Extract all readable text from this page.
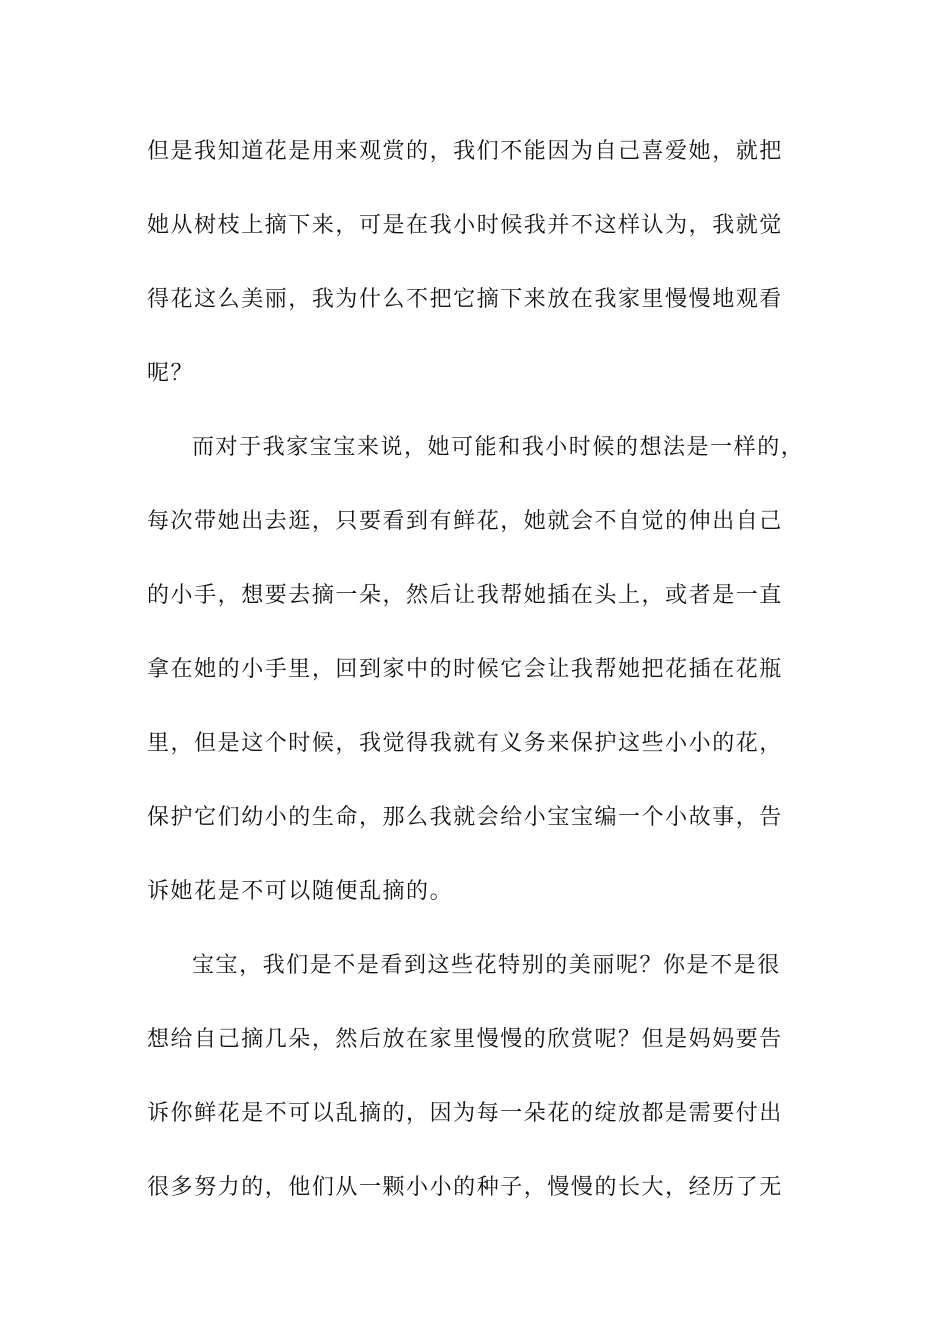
但是我知道花是用来观赏的，我们不能因为自己喜爱她，就把
她从树枝上摘下来，可是在我小时候我并不这样认为，我就觉
得花这么美丽，我为什么不把它摘下来放在我家里慢慢地观看
呢？
而对于我家宝宝来说，她可能和我小时候的想法是一样的，
每次带她出去逛，只要看到有鲜花，她就会不自觉的伸出自己
的小手，想要去摘一朵，然后让我帮她插在头上，或者是一直
拿在她的小手里，回到家中的时候它会让我帮她把花插在花瓶
里，但是这个时候，我觉得我就有义务来保护这些小小的花，
保护它们幼小的生命，那么我就会给小宝宝编一个小故事，告
诉她花是不可以随便乱摘的。
宝宝，我们是不是看到这些花特别的美丽呢？你是不是很
想给自己摘几朵，然后放在家里慢慢的欣赏呢？但是妈妈要告
诉你鲜花是不可以乱摘的，因为每一朵花的绽放都是需要付出
很多努力的，他们从一颗小小的种子，慢慢的长大，经历了无
